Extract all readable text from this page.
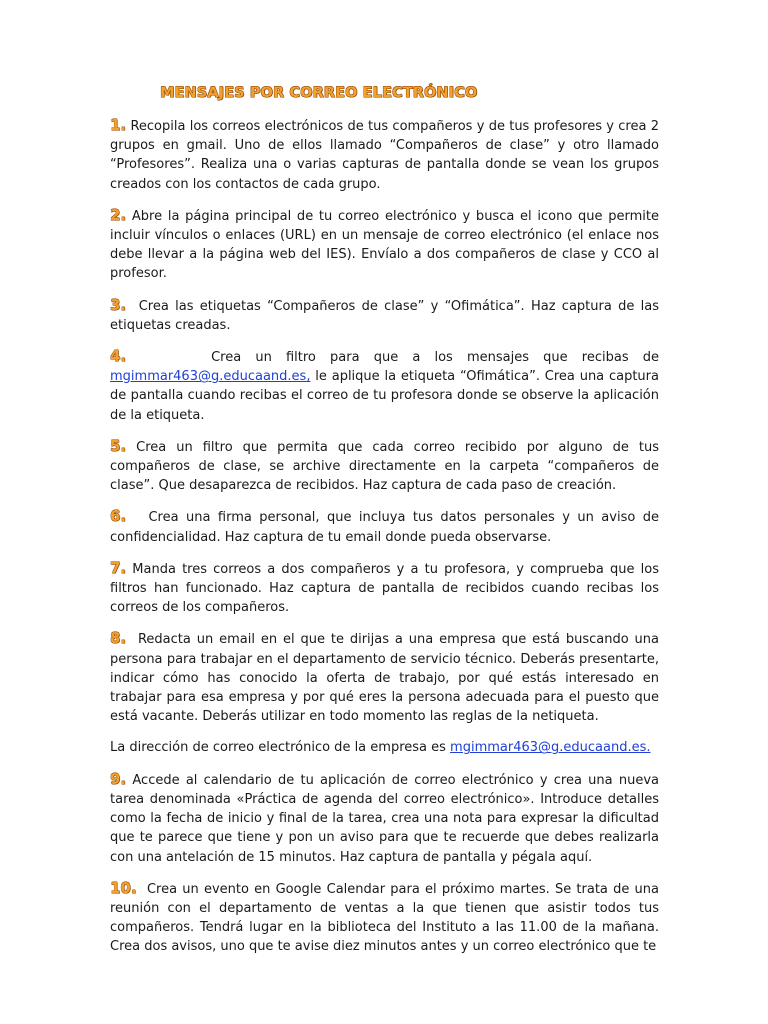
MENSAJES POR CORREO ELECTRÓNICO

1. Recopila los correos electrónicos de tus compañeros y de tus profesores y crea 2 grupos en gmail. Uno de ellos llamado “Compañeros de clase” y otro llamado “Profesores”. Realiza una o varias capturas de pantalla donde se vean los grupos creados con los contactos de cada grupo.

2. Abre la página principal de tu correo electrónico y busca el icono que permite incluir vínculos o enlaces (URL) en un mensaje de correo electrónico (el enlace nos debe llevar a la página web del IES). Envíalo a dos compañeros de clase y CCO al profesor.

3. Crea las etiquetas “Compañeros de clase” y “Ofimática”. Haz captura de las etiquetas creadas.

4.	Crea un filtro para que a los mensajes que recibas de mgimmar463@g.educaand.es, le aplique la etiqueta “Ofimática”. Crea una captura de pantalla cuando recibas el correo de tu profesora donde se observe la aplicación de la etiqueta.

5. Crea un filtro que permita que cada correo recibido por alguno de tus compañeros de clase, se archive directamente en la carpeta “compañeros de clase”. Que desaparezca de recibidos. Haz captura de cada paso de creación.

6. Crea una firma personal, que incluya tus datos personales y un aviso de confidencialidad. Haz captura de tu email donde pueda observarse.

7. Manda tres correos a dos compañeros y a tu profesora, y comprueba que los filtros han funcionado. Haz captura de pantalla de recibidos cuando recibas los correos de los compañeros.

8. Redacta un email en el que te dirijas a una empresa que está buscando una persona para trabajar en el departamento de servicio técnico. Deberás presentarte, indicar cómo has conocido la oferta de trabajo, por qué estás interesado en trabajar para esa empresa y por qué eres la persona adecuada para el puesto que está vacante. Deberás utilizar en todo momento las reglas de la netiqueta.

La dirección de correo electrónico de la empresa es mgimmar463@g.educaand.es.

9. Accede al calendario de tu aplicación de correo electrónico y crea una nueva tarea denominada «Práctica de agenda del correo electrónico». Introduce detalles como la fecha de inicio y final de la tarea, crea una nota para expresar la dificultad que te parece que tiene y pon un aviso para que te recuerde que debes realizarla con una antelación de 15 minutos. Haz captura de pantalla y pégala aquí.

10. Crea un evento en Google Calendar para el próximo martes. Se trata de una reunión con el departamento de ventas a la que tienen que asistir todos tus compañeros. Tendrá lugar en la biblioteca del Instituto a las 11.00 de la mañana. Crea dos avisos, uno que te avise diez minutos antes y un correo electrónico que te
